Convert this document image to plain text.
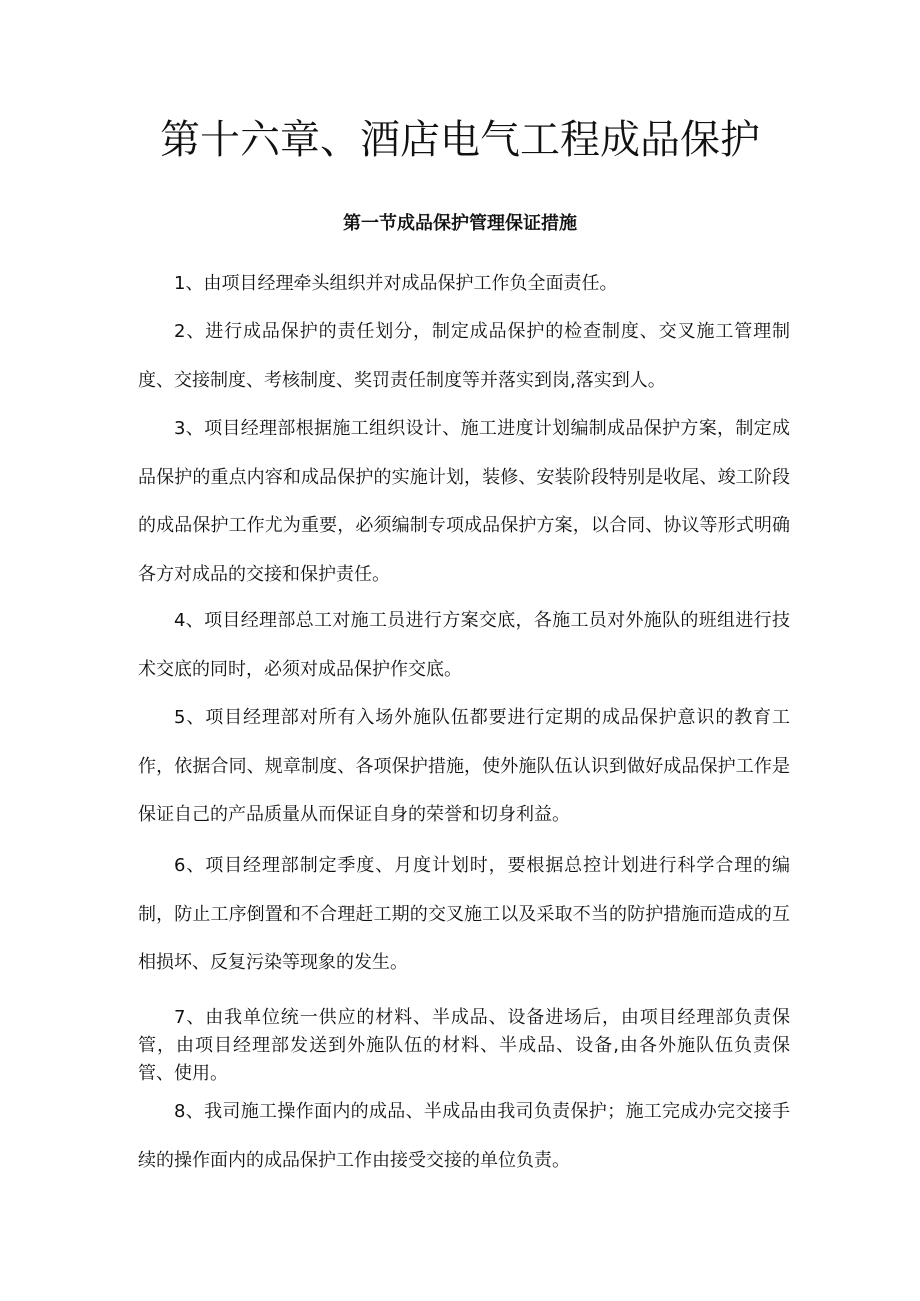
第十六章、酒店电气工程成品保护
第一节成品保护管理保证措施

1、由项目经理牵头组织并对成品保护工作负全面责任。

2、进行成品保护的责任划分，制定成品保护的检查制度、交叉施工管理制度、交接制度、考核制度、奖罚责任制度等并落实到岗,落实到人。

3、项目经理部根据施工组织设计、施工进度计划编制成品保护方案，制定成品保护的重点内容和成品保护的实施计划，装修、安装阶段特别是收尾、竣工阶段的成品保护工作尤为重要，必须编制专项成品保护方案，以合同、协议等形式明确各方对成品的交接和保护责任。

4、项目经理部总工对施工员进行方案交底，各施工员对外施队的班组进行技术交底的同时，必须对成品保护作交底。

5、项目经理部对所有入场外施队伍都要进行定期的成品保护意识的教育工作，依据合同、规章制度、各项保护措施，使外施队伍认识到做好成品保护工作是保证自己的产品质量从而保证自身的荣誉和切身利益。

6、项目经理部制定季度、月度计划时，要根据总控计划进行科学合理的编制，防止工序倒置和不合理赶工期的交叉施工以及采取不当的防护措施而造成的互相损坏、反复污染等现象的发生。

7、由我单位统一供应的材料、半成品、设备进场后，由项目经理部负责保管，由项目经理部发送到外施队伍的材料、半成品、设备,由各外施队伍负责保管、使用。

8、我司施工操作面内的成品、半成品由我司负责保护；施工完成办完交接手续的操作面内的成品保护工作由接受交接的单位负责。
